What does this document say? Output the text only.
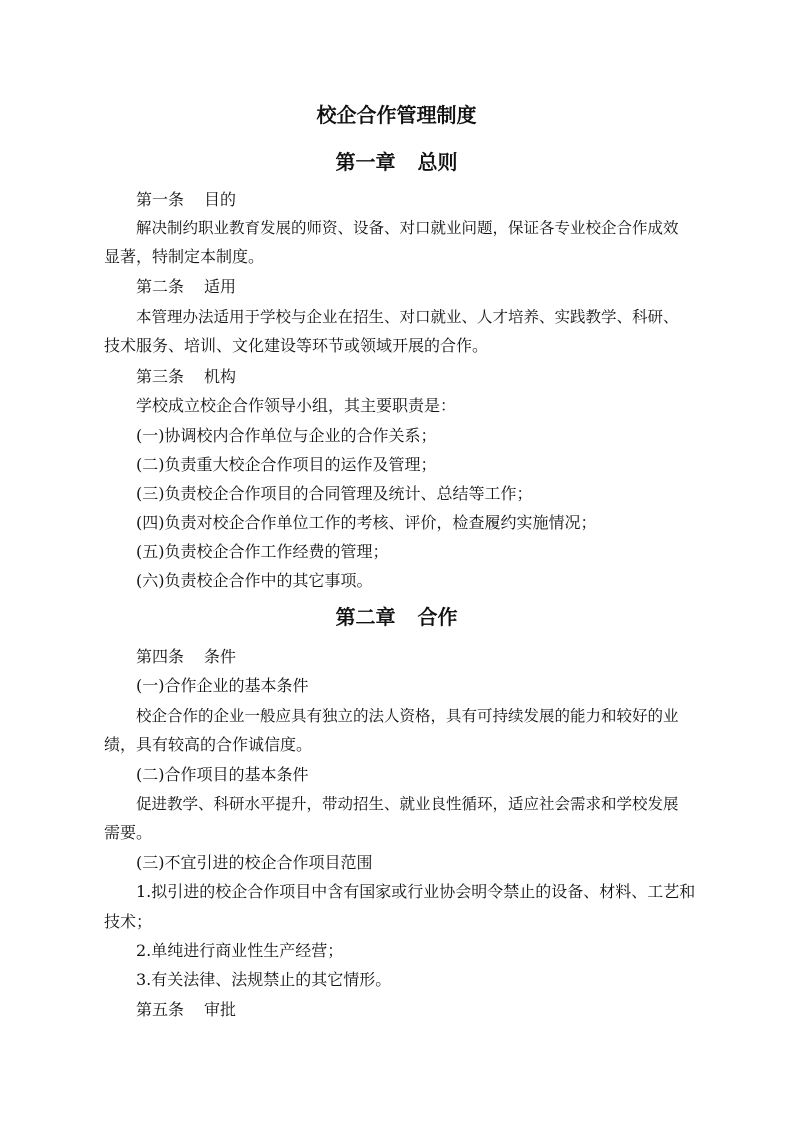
校企合作管理制度
第一章 总则

第一条 目的

解决制约职业教育发展的师资、设备、对口就业问题，保证各专业校企合作成效

显著，特制定本制度。

第二条 适用

本管理办法适用于学校与企业在招生、对口就业、人才培养、实践教学、科研、

技术服务、培训、文化建设等环节或领域开展的合作。

第三条 机构

学校成立校企合作领导小组，其主要职责是：

(一)协调校内合作单位与企业的合作关系；

(二)负责重大校企合作项目的运作及管理；

(三)负责校企合作项目的合同管理及统计、总结等工作；

(四)负责对校企合作单位工作的考核、评价，检查履约实施情况；

(五)负责校企合作工作经费的管理；

(六)负责校企合作中的其它事项。

第二章 合作

第四条 条件

(一)合作企业的基本条件

校企合作的企业一般应具有独立的法人资格，具有可持续发展的能力和较好的业

绩，具有较高的合作诚信度。

(二)合作项目的基本条件

促进教学、科研水平提升，带动招生、就业良性循环，适应社会需求和学校发展

需要。

(三)不宜引进的校企合作项目范围

1.拟引进的校企合作项目中含有国家或行业协会明令禁止的设备、材料、工艺和

技术；

2.单纯进行商业性生产经营；

3.有关法律、法规禁止的其它情形。

第五条 审批
